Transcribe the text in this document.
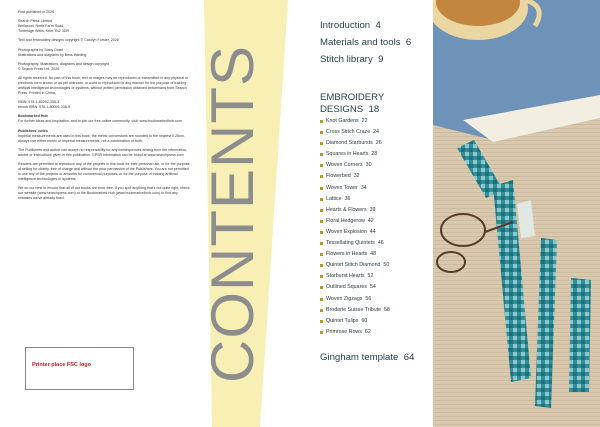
First published in 2026

Search Press Limited
Wellwood, North Farm Road,
Tunbridge Wells, Kent TN2 3DR

Text and embroidery designs copyright © Carolyn Forster, 2026

Photographs by Stacy Grant
Illustrations and diagrams by Bess Harding

Photography, illustrations, diagrams and design copyright
© Search Press Ltd, 2026

All rights reserved. No part of this book, text or images may be reproduced or transmitted in any physical or electronic form known or as yet unknown, or used or reproduced in any manner for the purpose of training artificial intelligence technologies or systems, without written permission obtained beforehand from Search Press. Printed in China.

ISBN: 978-1-80092-355-3
ebook ISBN: 978-1-80093-338-5

Bookmarked Hub
For further ideas and inspiration, and to join our free online community, visit: www.bookmarkedhub.com

Publishers' notes
Imperial measurements are used in this book; the metric conversions are rounded to the nearest 0.25cm. Always use either metric or imperial measurements, not a combination of both.

The Publishers and author can accept no responsibility for any consequences arising from the information, advice or instructions given in this publication. GPSR information can be found at www.searchpress.com

Readers are permitted to reproduce any of the projects in this book for their personal use, or for the purpose of selling for charity, free of charge and without the prior permission of the Publishers. You are not permitted to use any of the projects or artworks for commercial purposes, or for the purpose of training artificial intelligence technologies or systems.

We do our best to ensure that all of our books are error-free. If you spot anything that's not quite right, check our website (www.searchpress.com) or the Bookmarked Hub (www.bookmarkedhub.com) to find any mistakes we've already fixed.

Printer place FSC logo CONTENTS
Introduction 4
Materials and tools 6
Stitch library 9
EMBROIDERY
DESIGNS 18
Knot Gardens 22
Cross Stitch Craze 24
Diamond Starbursts 26
Squares in Hearts 28
Woven Corners 30
Flowerbed 32
Woven Tower 34
Lattice 36
Hearts & Flowers 39
Floral Hedgerow 42
Woven Explosion 44
Tessellating Quintets 46
Flowers in Hearts 48
Quintet Stitch Diamond 50
Starburst Hearts 52
Outlined Squares 54
Woven Zigzags 56
Broderie Suisse Tribute 58
Quintet Tulips 60
Primrose Rows 62
Gingham template 64
